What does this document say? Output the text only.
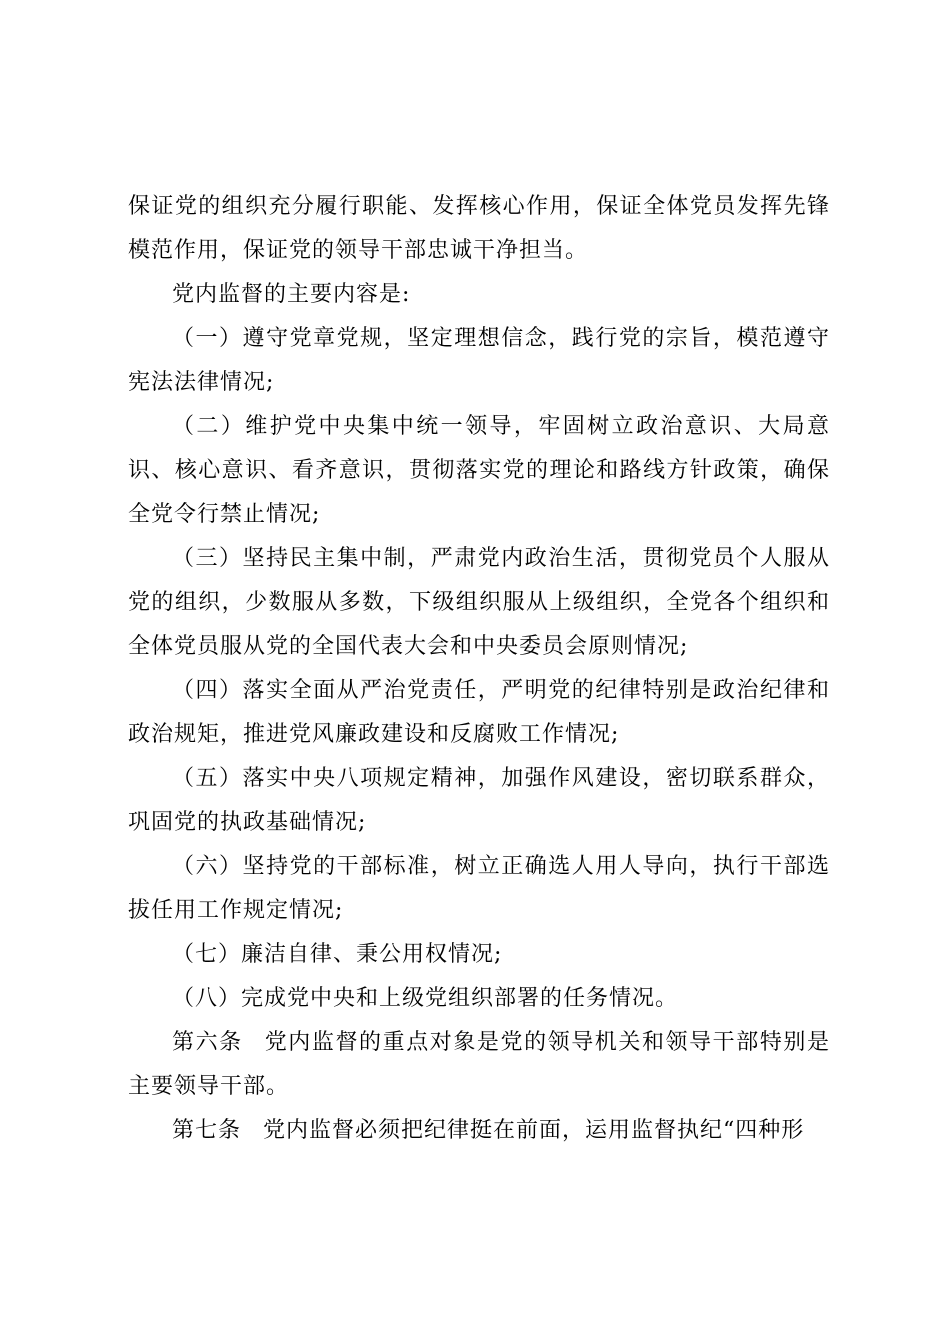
保证党的组织充分履行职能、发挥核心作用，保证全体党员发挥先锋模范作用，保证党的领导干部忠诚干净担当。

党内监督的主要内容是:

（一）遵守党章党规，坚定理想信念，践行党的宗旨，模范遵守宪法法律情况;

（二）维护党中央集中统一领导，牢固树立政治意识、大局意识、核心意识、看齐意识，贯彻落实党的理论和路线方针政策，确保全党令行禁止情况;

（三）坚持民主集中制，严肃党内政治生活，贯彻党员个人服从党的组织，少数服从多数，下级组织服从上级组织，全党各个组织和全体党员服从党的全国代表大会和中央委员会原则情况;

（四）落实全面从严治党责任，严明党的纪律特别是政治纪律和政治规矩，推进党风廉政建设和反腐败工作情况;

（五）落实中央八项规定精神，加强作风建设，密切联系群众，巩固党的执政基础情况;

（六）坚持党的干部标准，树立正确选人用人导向，执行干部选拔任用工作规定情况;

（七）廉洁自律、秉公用权情况;

（八）完成党中央和上级党组织部署的任务情况。

第六条 党内监督的重点对象是党的领导机关和领导干部特别是主要领导干部。

第七条 党内监督必须把纪律挺在前面，运用监督执纪“四种形
